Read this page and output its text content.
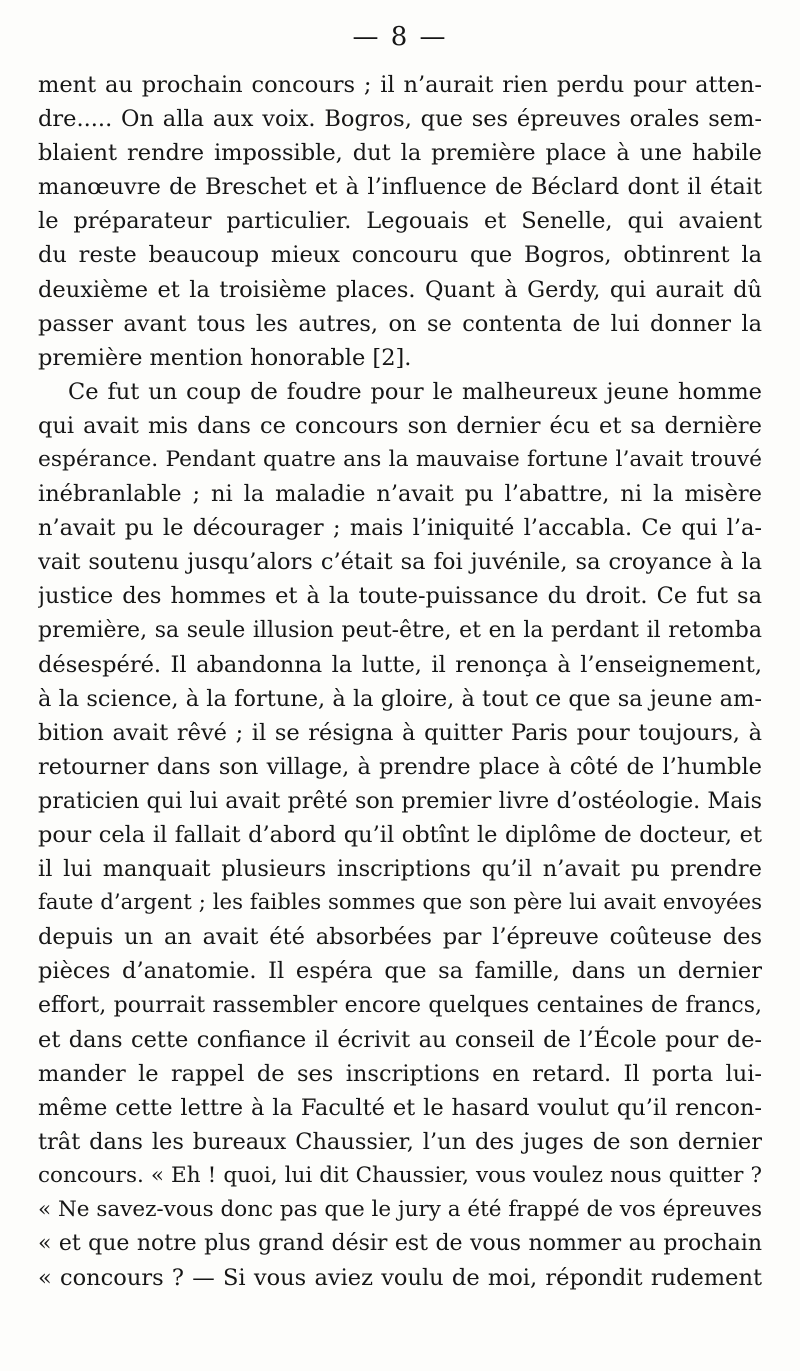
— 8 —
ment au prochain concours ; il n’aurait rien perdu pour atten-
dre..... On alla aux voix. Bogros, que ses épreuves orales sem-
blaient rendre impossible, dut la première place à une habile
manœuvre de Breschet et à l’influence de Béclard dont il était
le préparateur particulier. Legouais et Senelle, qui avaient
du reste beaucoup mieux concouru que Bogros, obtinrent la
deuxième et la troisième places. Quant à Gerdy, qui aurait dû
passer avant tous les autres, on se contenta de lui donner la
première mention honorable [2].
Ce fut un coup de foudre pour le malheureux jeune homme
qui avait mis dans ce concours son dernier écu et sa dernière
espérance. Pendant quatre ans la mauvaise fortune l’avait trouvé
inébranlable ; ni la maladie n’avait pu l’abattre, ni la misère
n’avait pu le décourager ; mais l’iniquité l’accabla. Ce qui l’a-
vait soutenu jusqu’alors c’était sa foi juvénile, sa croyance à la
justice des hommes et à la toute-puissance du droit. Ce fut sa
première, sa seule illusion peut-être, et en la perdant il retomba
désespéré. Il abandonna la lutte, il renonça à l’enseignement,
à la science, à la fortune, à la gloire, à tout ce que sa jeune am-
bition avait rêvé ; il se résigna à quitter Paris pour toujours, à
retourner dans son village, à prendre place à côté de l’humble
praticien qui lui avait prêté son premier livre d’ostéologie. Mais
pour cela il fallait d’abord qu’il obtînt le diplôme de docteur, et
il lui manquait plusieurs inscriptions qu’il n’avait pu prendre
faute d’argent ; les faibles sommes que son père lui avait envoyées
depuis un an avait été absorbées par l’épreuve coûteuse des
pièces d’anatomie. Il espéra que sa famille, dans un dernier
effort, pourrait rassembler encore quelques centaines de francs,
et dans cette confiance il écrivit au conseil de l’École pour de-
mander le rappel de ses inscriptions en retard. Il porta lui-
même cette lettre à la Faculté et le hasard voulut qu’il rencon-
trât dans les bureaux Chaussier, l’un des juges de son dernier
concours. « Eh ! quoi, lui dit Chaussier, vous voulez nous quitter ?
« Ne savez-vous donc pas que le jury a été frappé de vos épreuves
« et que notre plus grand désir est de vous nommer au prochain
« concours ? — Si vous aviez voulu de moi, répondit rudement
